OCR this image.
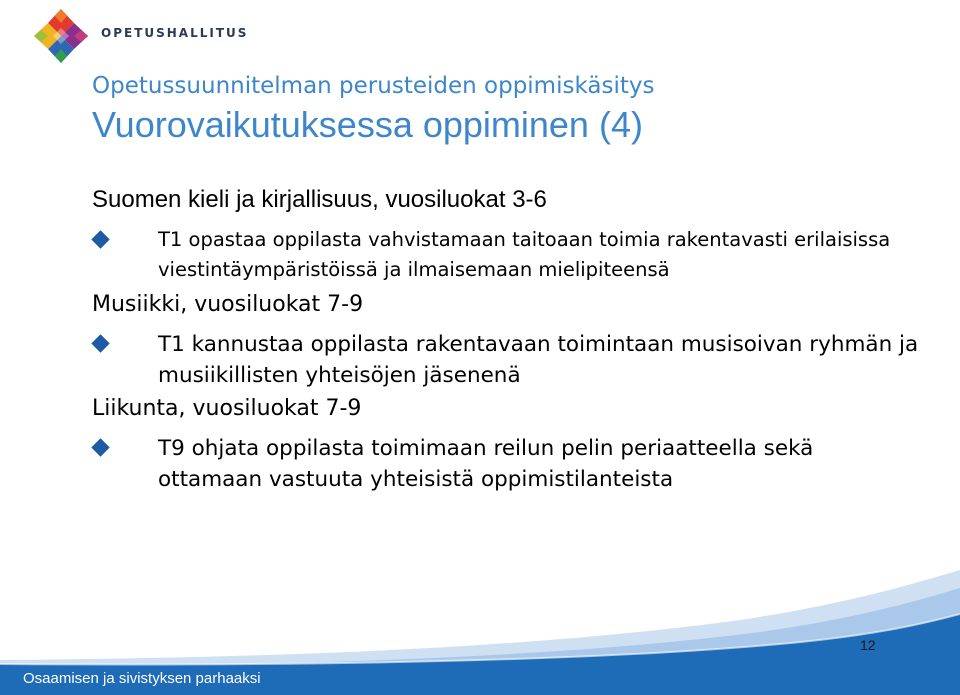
OPETUSHALLITUS
Opetussuunnitelman perusteiden oppimiskäsitys
Vuorovaikutuksessa oppiminen (4)
Suomen kieli ja kirjallisuus, vuosiluokat 3-6
T1 opastaa oppilasta vahvistamaan taitoaan toimia rakentavasti erilaisissa viestintäympäristöissä ja ilmaisemaan mielipiteensä
Musiikki, vuosiluokat 7-9
T1 kannustaa oppilasta rakentavaan toimintaan musisoivan ryhmän ja musiikillisten yhteisöjen jäsenenä
Liikunta, vuosiluokat 7-9
T9 ohjata oppilasta toimimaan reilun pelin periaatteella sekä ottamaan vastuuta yhteisistä oppimistilanteista
Osaamisen ja sivistyksen parhaaksi
12
